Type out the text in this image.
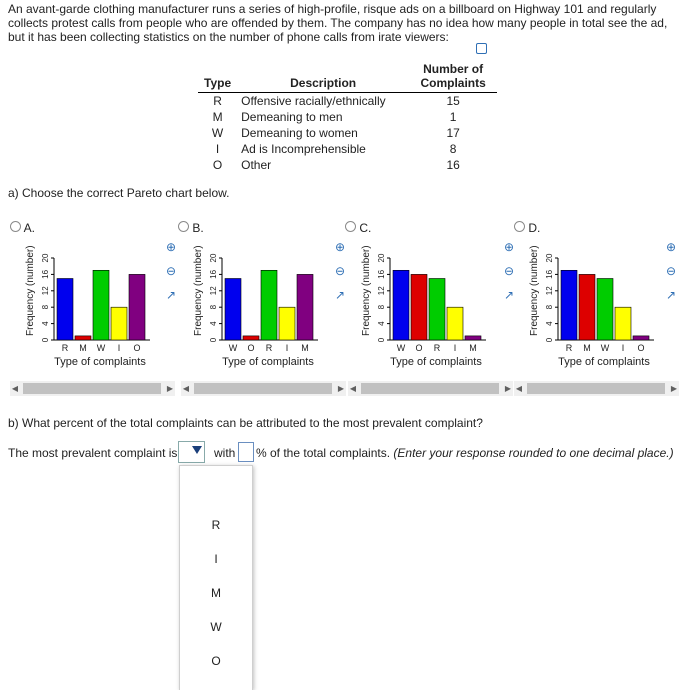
An avant-garde clothing manufacturer runs a series of high-profile, risque ads on a billboard on Highway 101 and regularly collects protest calls from people who are offended by them. The company has no idea how many people in total see the ad, but it has been collecting statistics on the number of phone calls from irate viewers:
Type	Description	Number of Complaints
R	Offensive racially/ethnically	15
M	Demeaning to men	1
W	Demeaning to women	17
I	Ad is Incomprehensible	8
O	Other	16
a) Choose the correct Pareto chart below.
A.	B.	C.	D.
Frequency (number)
0
4
8
12
16
20
R M W I O
Type of complaints
Frequency (number)
0
4
8
12
16
20
W O R I M
Type of complaints
Frequency (number)
0
4
8
12
16
20
W O R I M
Type of complaints
Frequency (number)
0
4
8
12
16
20
R M W I O
Type of complaints
⊕
⊖
↗
⊕
⊖
↗
⊕
⊖
↗
⊕
⊖
↗
◀	▶ ◀	▶ ◀	▶ ◀	▶
b) What percent of the total complaints can be attributed to the most prevalent complaint?
The most prevalent complaint is	with % of the total complaints. (Enter your response rounded to one decimal place.)
R
I
M
W
O
